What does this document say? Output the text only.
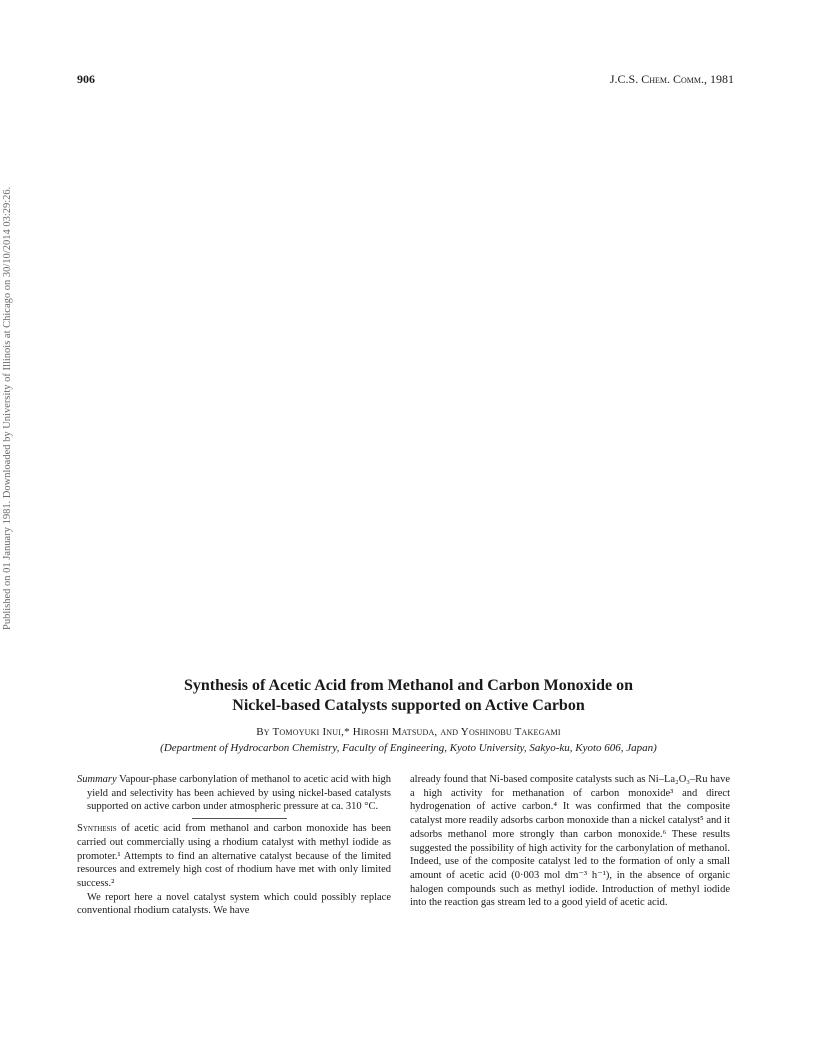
906	J.C.S. Chem. Comm., 1981
Published on 01 January 1981. Downloaded by University of Illinois at Chicago on 30/10/2014 03:29:26.
Synthesis of Acetic Acid from Methanol and Carbon Monoxide on
Nickel-based Catalysts supported on Active Carbon
By Tomoyuki Inui,* Hiroshi Matsuda, and Yoshinobu Takegami
(Department of Hydrocarbon Chemistry, Faculty of Engineering, Kyoto University, Sakyo-ku, Kyoto 606, Japan)

Summary Vapour-phase carbonylation of methanol to acetic acid with high yield and selectivity has been achieved by using nickel-based catalysts supported on active carbon under atmospheric pressure at ca. 310 °C.

Synthesis of acetic acid from methanol and carbon monoxide has been carried out commercially using a rhodium catalyst with methyl iodide as promoter.¹ Attempts to find an alternative catalyst because of the limited resources and extremely high cost of rhodium have met with only limited success.²

We report here a novel catalyst system which could possibly replace conventional rhodium catalysts. We have

already found that Ni-based composite catalysts such as Ni–La₂O₃–Ru have a high activity for methanation of carbon monoxide³ and direct hydrogenation of active carbon.⁴ It was confirmed that the composite catalyst more readily adsorbs carbon monoxide than a nickel catalyst⁵ and it adsorbs methanol more strongly than carbon monoxide.⁶ These results suggested the possibility of high activity for the carbonylation of methanol. Indeed, use of the composite catalyst led to the formation of only a small amount of acetic acid (0·003 mol dm⁻³ h⁻¹), in the absence of organic halogen compounds such as methyl iodide. Introduction of methyl iodide into the reaction gas stream led to a good yield of acetic acid.
